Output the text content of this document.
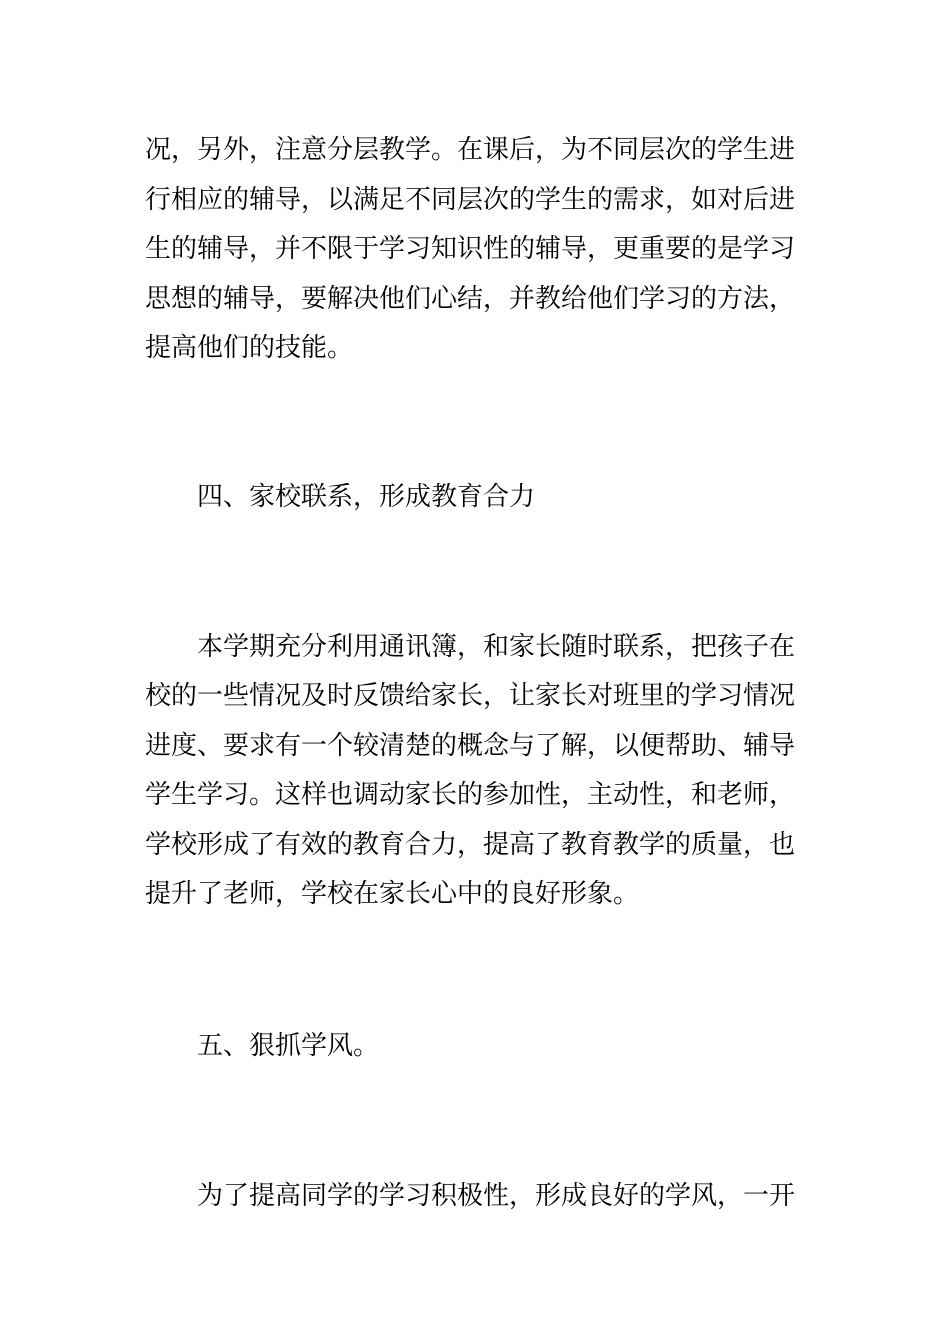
况，另外，注意分层教学。在课后，为不同层次的学生进

行相应的辅导，以满足不同层次的学生的需求，如对后进

生的辅导，并不限于学习知识性的辅导，更重要的是学习

思想的辅导，要解决他们心结，并教给他们学习的方法，

提高他们的技能。

四、家校联系，形成教育合力

本学期充分利用通讯簿，和家长随时联系，把孩子在

校的一些情况及时反馈给家长，让家长对班里的学习情况

进度、要求有一个较清楚的概念与了解，以便帮助、辅导

学生学习。这样也调动家长的参加性，主动性，和老师，

学校形成了有效的教育合力，提高了教育教学的质量，也

提升了老师，学校在家长心中的良好形象。

五、狠抓学风。

为了提高同学的学习积极性，形成良好的学风，一开
